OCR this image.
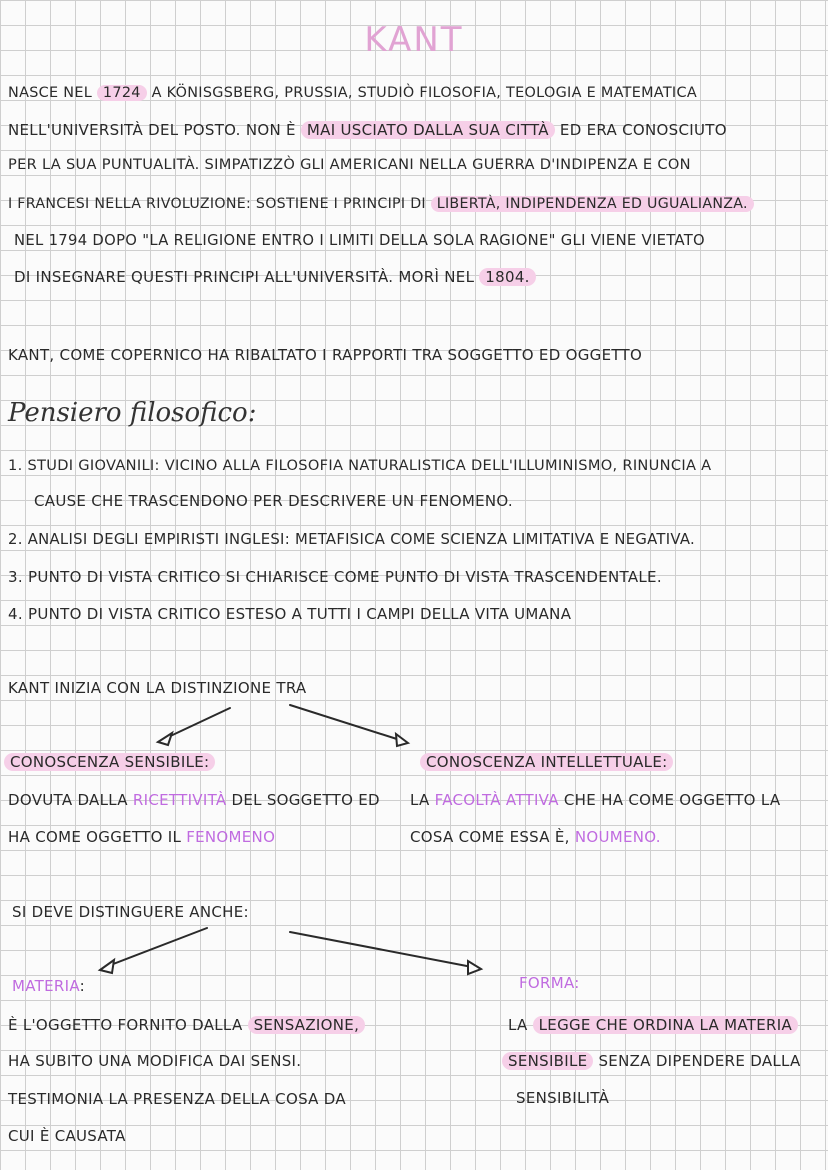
KANT
NASCE NEL 1724 A KÖNISGSBERG, PRUSSIA, STUDIÒ FILOSOFIA, TEOLOGIA E MATEMATICA
NELL'UNIVERSITÀ DEL POSTO. NON È MAI USCIATO DALLA SUA CITTÀ ED ERA CONOSCIUTO
PER LA SUA PUNTUALITÀ. SIMPATIZZÒ GLI AMERICANI NELLA GUERRA D'INDIPENZA E CON
I FRANCESI NELLA RIVOLUZIONE: SOSTIENE I PRINCIPI DI LIBERTÀ, INDIPENDENZA ED UGUALIANZA.
NEL 1794 DOPO "LA RELIGIONE ENTRO I LIMITI DELLA SOLA RAGIONE" GLI VIENE VIETATO
DI INSEGNARE QUESTI PRINCIPI ALL'UNIVERSITÀ. MORÌ NEL 1804.
KANT, COME COPERNICO HA RIBALTATO I RAPPORTI TRA SOGGETTO ED OGGETTO
Pensiero filosofico:
1. STUDI GIOVANILI: VICINO ALLA FILOSOFIA NATURALISTICA DELL'ILLUMINISMO, RINUNCIA A
CAUSE CHE TRASCENDONO PER DESCRIVERE UN FENOMENO.
2. ANALISI DEGLI EMPIRISTI INGLESI: METAFISICA COME SCIENZA LIMITATIVA E NEGATIVA.
3. PUNTO DI VISTA CRITICO SI CHIARISCE COME PUNTO DI VISTA TRASCENDENTALE.
4. PUNTO DI VISTA CRITICO ESTESO A TUTTI I CAMPI DELLA VITA UMANA
KANT INIZIA CON LA DISTINZIONE TRA
CONOSCENZA SENSIBILE:
DOVUTA DALLA RICETTIVITÀ DEL SOGGETTO ED
HA COME OGGETTO IL FENOMENO
CONOSCENZA INTELLETTUALE:
LA FACOLTÀ ATTIVA CHE HA COME OGGETTO LA
COSA COME ESSA È, NOUMENO.
SI DEVE DISTINGUERE ANCHE:
MATERIA:
È L'OGGETTO FORNITO DALLA SENSAZIONE,
HA SUBITO UNA MODIFICA DAI SENSI.
TESTIMONIA LA PRESENZA DELLA COSA DA
CUI È CAUSATA
FORMA:
LA LEGGE CHE ORDINA LA MATERIA
SENSIBILE SENZA DIPENDERE DALLA
SENSIBILITÀ
